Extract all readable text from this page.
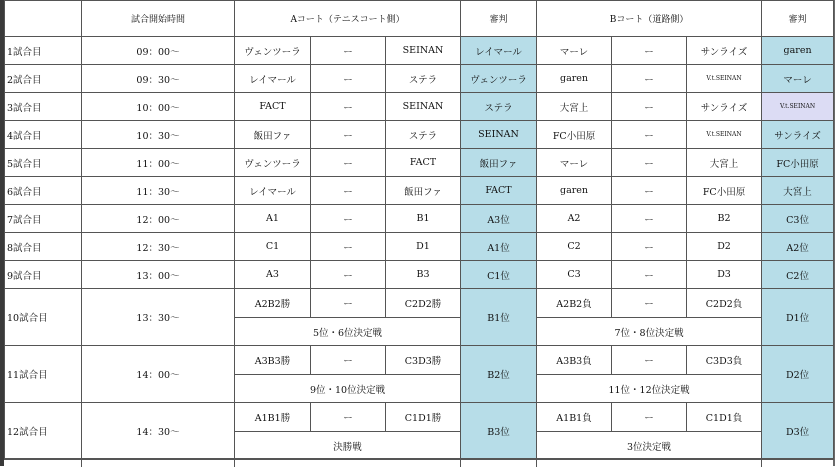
	試合開始時間	Aコート（テニスコート側）			審判	Bコート（道路側）			審判
1試合目	09：00～	ヴェンツーラ	ー	SEINAN	レイマール	マーレ	ー	サンライズ	garen
2試合目	09：30～	レイマール	ー	ステラ	ヴェンツーラ	garen	ー	V.t.SEINAN	マーレ
3試合目	10：00～	FACT	ー	SEINAN	ステラ	大宮上	ー	サンライズ	V.t.SEINAN
4試合目	10：30～	飯田ファ	ー	ステラ	SEINAN	FC小田原	ー	V.t.SEINAN	サンライズ
5試合目	11：00～	ヴェンツーラ	ー	FACT	飯田ファ	マーレ	ー	大宮上	FC小田原
6試合目	11：30～	レイマール	ー	飯田ファ	FACT	garen	ー	FC小田原	大宮上
7試合目	12：00～	A1	ー	B1	A3位	A2	ー	B2	C3位
8試合目	12：30～	C1	ー	D1	A1位	C2	ー	D2	A2位
9試合目	13：00～	A3	ー	B3	C1位	C3	ー	D3	C2位
10試合目	13：30～	A2B2勝	ー	C2D2勝	B1位	A2B2負	ー	C2D2負	D1位
		5位・6位決定戦				7位・8位決定戦			
11試合目	14：00～	A3B3勝	ー	C3D3勝	B2位	A3B3負	ー	C3D3負	D2位
		9位・10位決定戦				11位・12位決定戦			
12試合目	14：30～	A1B1勝	ー	C1D1勝	B3位	A1B1負	ー	C1D1負	D3位
		決勝戦				3位決定戦			
